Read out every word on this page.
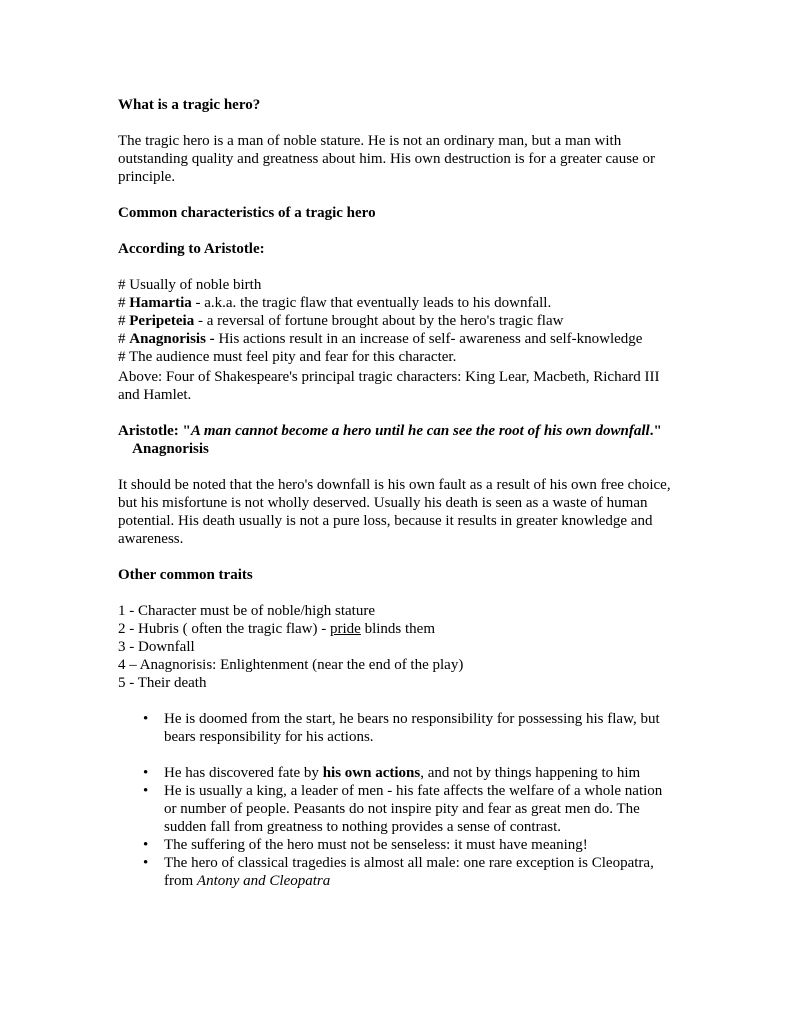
What is a tragic hero?

The tragic hero is a man of noble stature. He is not an ordinary man, but a man with outstanding quality and greatness about him. His own destruction is for a greater cause or principle.

Common characteristics of a tragic hero

According to Aristotle:

# Usually of noble birth

# Hamartia - a.k.a. the tragic flaw that eventually leads to his downfall.

# Peripeteia - a reversal of fortune brought about by the hero's tragic flaw

# Anagnorisis - His actions result in an increase of self- awareness and self-knowledge

# The audience must feel pity and fear for this character.

Above: Four of Shakespeare's principal tragic characters: King Lear, Macbeth, Richard III and Hamlet.

Aristotle: "A man cannot become a hero until he can see the root of his own downfall."    Anagnorisis

It should be noted that the hero's downfall is his own fault as a result of his own free choice, but his misfortune is not wholly deserved. Usually his death is seen as a waste of human potential. His death usually is not a pure loss, because it results in greater knowledge and awareness.

Other common traits

1 - Character must be of noble/high stature

2 - Hubris ( often the tragic flaw) - pride blinds them

3 - Downfall

4 – Anagnorisis: Enlightenment (near the end of the play)

5 - Their death

• He is doomed from the start, he bears no responsibility for possessing his flaw, but bears responsibility for his actions.
• He has discovered fate by his own actions, and not by things happening to him
• He is usually a king, a leader of men - his fate affects the welfare of a whole nation or number of people. Peasants do not inspire pity and fear as great men do. The sudden fall from greatness to nothing provides a sense of contrast.
• The suffering of the hero must not be senseless: it must have meaning!
• The hero of classical tragedies is almost all male: one rare exception is Cleopatra, from Antony and Cleopatra
